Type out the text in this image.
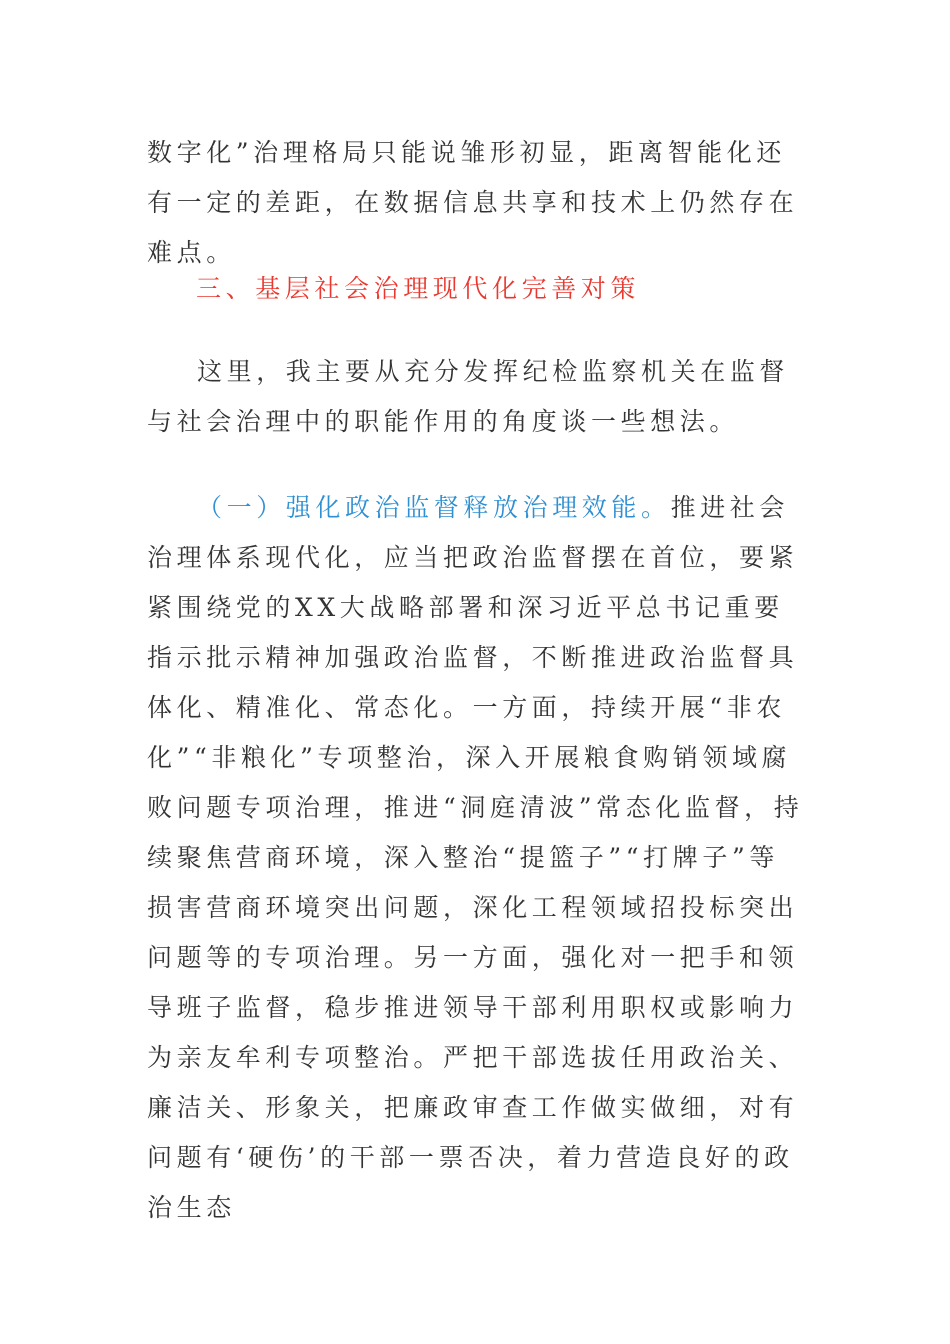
数字化”治理格局只能说雏形初显，距离智能化还有一定的差距，在数据信息共享和技术上仍然存在难点。

三、基层社会治理现代化完善对策

这里，我主要从充分发挥纪检监察机关在监督与社会治理中的职能作用的角度谈一些想法。

（一）强化政治监督释放治理效能。推进社会治理体系现代化，应当把政治监督摆在首位，要紧紧围绕党的XX大战略部署和深习近平总书记重要指示批示精神加强政治监督，不断推进政治监督具体化、精准化、常态化。一方面，持续开展“非农化”“非粮化”专项整治，深入开展粮食购销领域腐败问题专项治理，推进“洞庭清波”常态化监督，持续聚焦营商环境，深入整治“提篮子”“打牌子”等损害营商环境突出问题，深化工程领域招投标突出问题等的专项治理。另一方面，强化对一把手和领导班子监督，稳步推进领导干部利用职权或影响力为亲友牟利专项整治。严把干部选拔任用政治关、廉洁关、形象关，把廉政审查工作做实做细，对有问题有‘硬伤’的干部一票否决，着力营造良好的政治生态
